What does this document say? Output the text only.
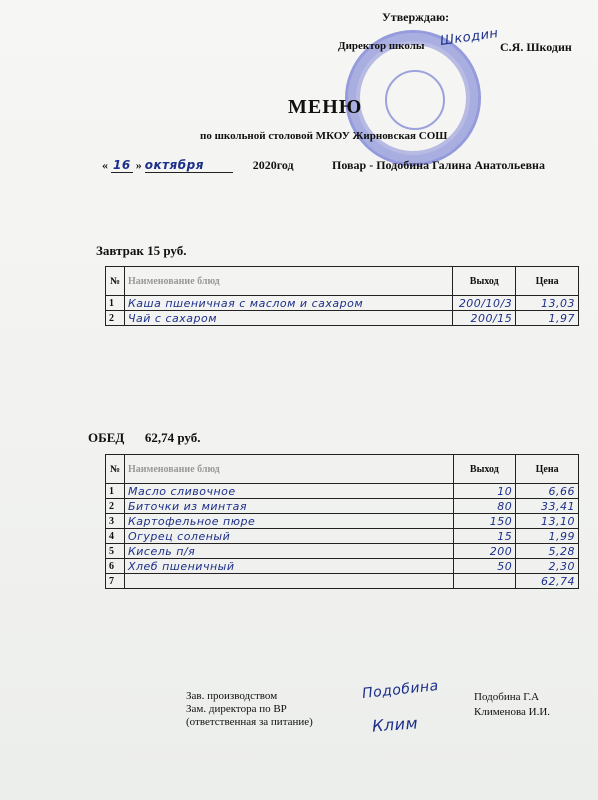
Утверждаю:
Директор школы Шкодин С.Я. Шкодин
МЕНЮ
по школьной столовой МКОУ Жирновская СОШ
« 16 » октября	2020год	Повар - Подобина Галина Анатольевна
Завтрак 15 руб.
№	Наименование блюд	Выход	Цена
1	Каша пшеничная с маслом и сахаром	200/10/3	13,03
2	Чай с сахаром	200/15	1,97
ОБЕД 62,74 руб.
№	Наименование блюд	Выход	Цена
1	Масло сливочное	10	6,66
2	Биточки из минтая	80	33,41
3	Картофельное пюре	150	13,10
4	Огурец соленый	15	1,99
5	Кисель п/я	200	5,28
6	Хлеб пшеничный	50	2,30
7			62,74
Зав. производством
Зам. директора по ВР
(ответственная за питание)
Подобина
Клим
Подобина Г.А
Клименова И.И.
